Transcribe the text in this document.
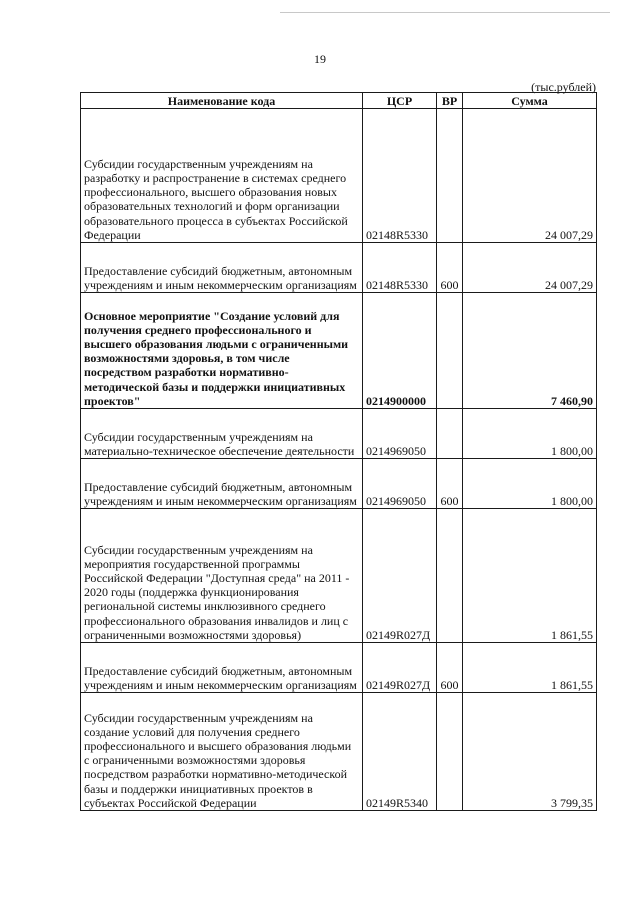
19
(тыс.рублей)
Наименование кода	ЦСР	ВР	Сумма
Субсидии государственным учреждениям на разработку и распространение в системах среднего профессионального, высшего образования новых образовательных технологий и форм организации образовательного процесса в субъектах Российской Федерации	02148R5330		24 007,29
Предоставление субсидий бюджетным, автономным учреждениям и иным некоммерческим организациям	02148R5330	600	24 007,29
Основное мероприятие "Создание условий для получения среднего профессионального и высшего образования людьми с ограниченными возможностями здоровья, в том числе посредством разработки нормативно-методической базы и поддержки инициативных проектов"	0214900000		7 460,90
Субсидии государственным учреждениям на материально-техническое обеспечение деятельности	0214969050		1 800,00
Предоставление субсидий бюджетным, автономным учреждениям и иным некоммерческим организациям	0214969050	600	1 800,00
Субсидии государственным учреждениям на мероприятия государственной программы Российской Федерации "Доступная среда" на 2011 - 2020 годы (поддержка функционирования региональной системы инклюзивного среднего профессионального образования инвалидов и лиц с ограниченными возможностями здоровья)	02149R027Д		1 861,55
Предоставление субсидий бюджетным, автономным учреждениям и иным некоммерческим организациям	02149R027Д	600	1 861,55
Субсидии государственным учреждениям на создание условий для получения среднего профессионального и высшего образования людьми с ограниченными возможностями здоровья посредством разработки нормативно-методической базы и поддержки инициативных проектов в субъектах Российской Федерации	02149R5340		3 799,35
